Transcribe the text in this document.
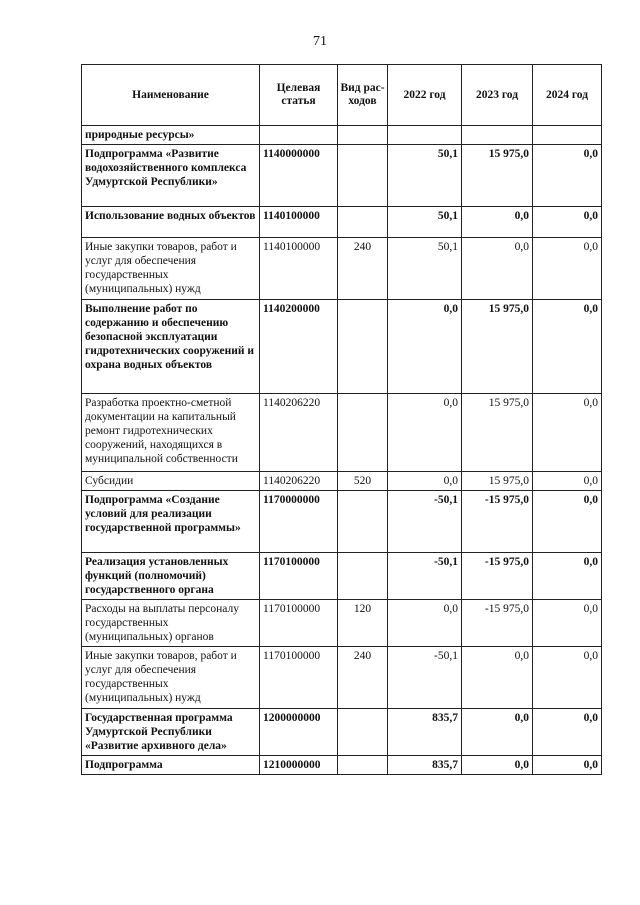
71
Наименование	Целевая статья	Вид рас-ходов	2022 год	2023 год	2024 год
природные ресурсы»					
Подпрограмма «Развитие водохозяйственного комплекса Удмуртской Республики»	1140000000		50,1	15 975,0	0,0
Использование водных объектов	1140100000		50,1	0,0	0,0
Иные закупки товаров, работ и услуг для обеспечения государственных (муниципальных) нужд	1140100000	240	50,1	0,0	0,0
Выполнение работ по содержанию и обеспечению безопасной эксплуатации гидротехнических сооружений и охрана водных объектов	1140200000		0,0	15 975,0	0,0
Разработка проектно-сметной документации на капитальный ремонт гидротехнических сооружений, находящихся в муниципальной собственности	1140206220		0,0	15 975,0	0,0
Субсидии	1140206220	520	0,0	15 975,0	0,0
Подпрограмма «Создание условий для реализации государственной программы»	1170000000		-50,1	-15 975,0	0,0
Реализация установленных функций (полномочий) государственного органа	1170100000		-50,1	-15 975,0	0,0
Расходы на выплаты персоналу государственных (муниципальных) органов	1170100000	120	0,0	-15 975,0	0,0
Иные закупки товаров, работ и услуг для обеспечения государственных (муниципальных) нужд	1170100000	240	-50,1	0,0	0,0
Государственная программа Удмуртской Республики «Развитие архивного дела»	1200000000		835,7	0,0	0,0
Подпрограмма	1210000000		835,7	0,0	0,0
